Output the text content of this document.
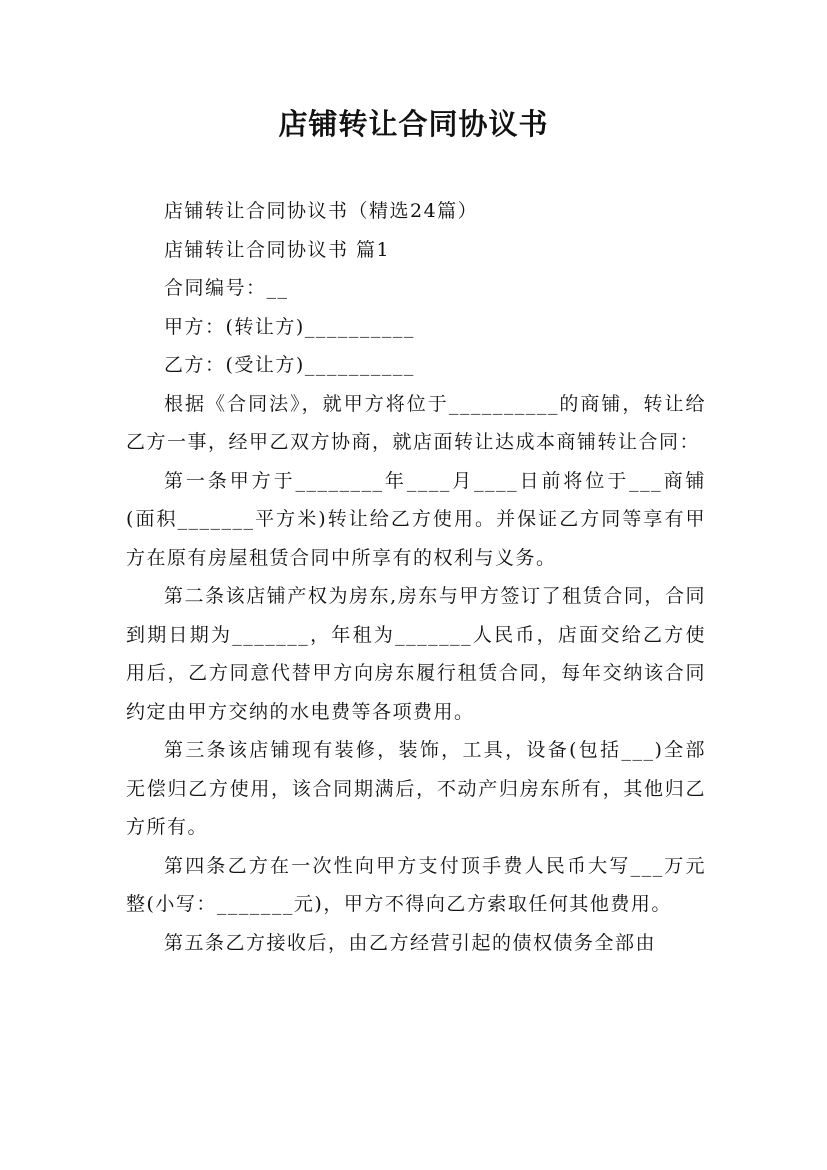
店铺转让合同协议书

店铺转让合同协议书（精选24篇）

店铺转让合同协议书 篇1

合同编号：__

甲方：(转让方)__________

乙方：(受让方)__________

根据《合同法》，就甲方将位于__________的商铺，转让给乙方一事，经甲乙双方协商，就店面转让达成本商铺转让合同：

第一条甲方于________年____月____日前将位于___商铺(面积_______平方米)转让给乙方使用。并保证乙方同等享有甲方在原有房屋租赁合同中所享有的权利与义务。

第二条该店铺产权为房东,房东与甲方签订了租赁合同，合同到期日期为_______，年租为_______人民币，店面交给乙方使用后，乙方同意代替甲方向房东履行租赁合同，每年交纳该合同约定由甲方交纳的水电费等各项费用。

第三条该店铺现有装修，装饰，工具，设备(包括___)全部无偿归乙方使用，该合同期满后，不动产归房东所有，其他归乙方所有。

第四条乙方在一次性向甲方支付顶手费人民币大写___万元整(小写：_______元)，甲方不得向乙方索取任何其他费用。

第五条乙方接收后，由乙方经营引起的债权债务全部由
